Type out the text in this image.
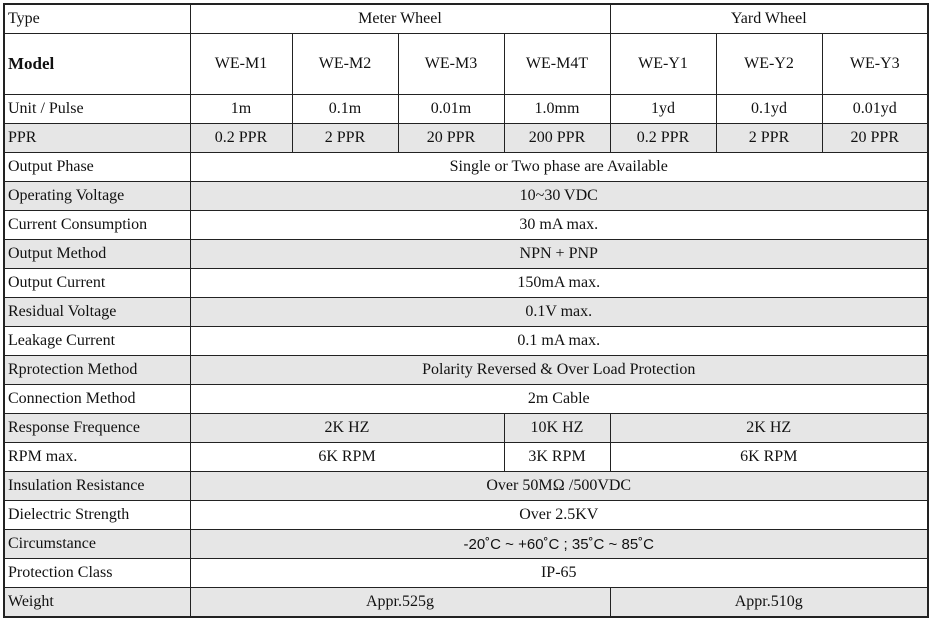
Type	Meter Wheel				Yard Wheel		
Model	WE-M1	WE-M2	WE-M3	WE-M4T	WE-Y1	WE-Y2	WE-Y3
Unit / Pulse	1m	0.1m	0.01m	1.0mm	1yd	0.1yd	0.01yd
PPR	0.2 PPR	2 PPR	20 PPR	200 PPR	0.2 PPR	2 PPR	20 PPR
Output Phase	Single or Two phase are Available						
Operating Voltage	10~30 VDC						
Current Consumption	30 mA max.						
Output Method	NPN + PNP						
Output Current	150mA max.						
Residual Voltage	0.1V max.						
Leakage Current	0.1 mA max.						
Rprotection Method	Polarity Reversed & Over Load Protection						
Connection Method	2m Cable						
Response Frequence	2K HZ			10K HZ	2K HZ		
RPM max.	6K RPM			3K RPM	6K RPM		
Insulation Resistance	Over 50MΩ /500VDC						
Dielectric Strength	Over 2.5KV						
Circumstance	-20˚C ~ +60˚C ; 35˚C ~ 85˚C						
Protection Class	IP-65						
Weight	Appr.525g				Appr.510g		
